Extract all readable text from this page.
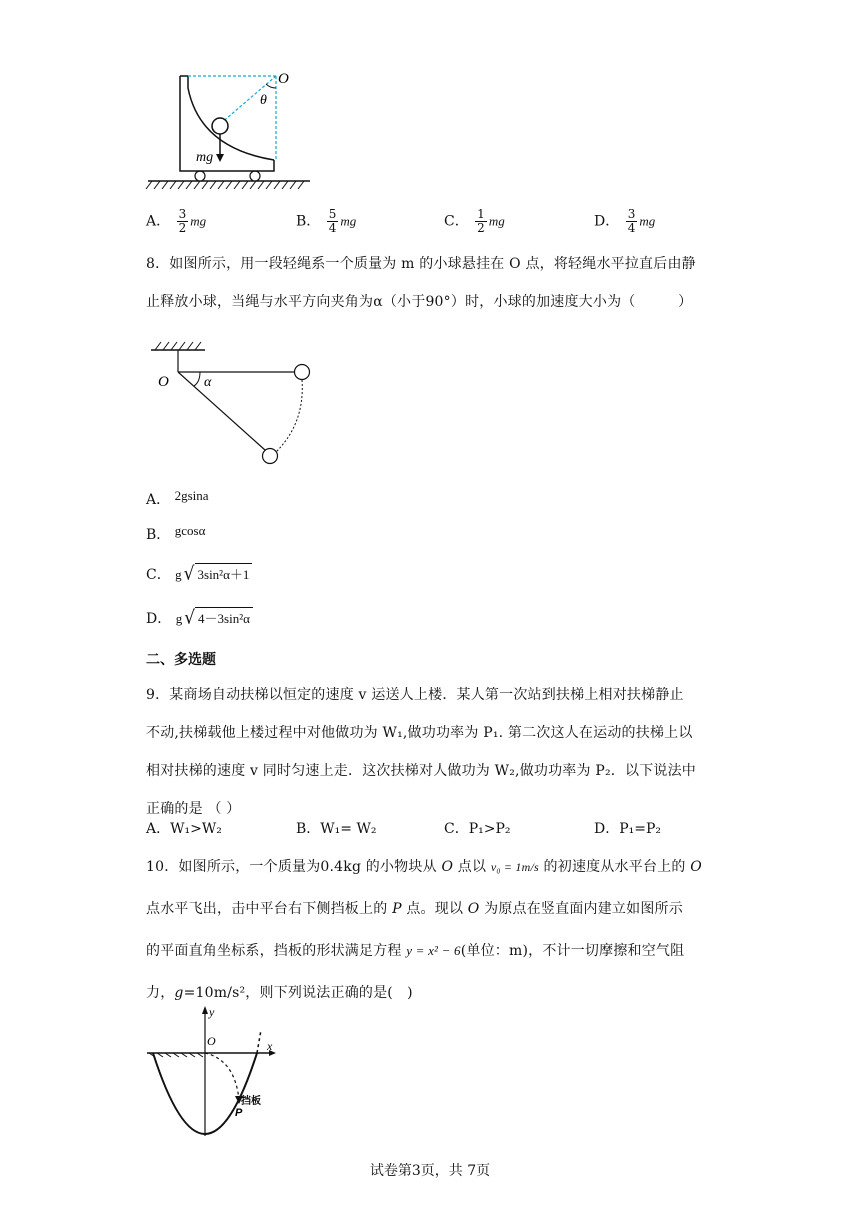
O
θ
mg
A． $\frac{3}{2}$ mg	B． $\frac{5}{4}$ mg	C． $\frac{1}{2}$ mg	D． $\frac{3}{4}$ mg
8．如图所示，用一段轻绳系一个质量为 m 的小球悬挂在 O 点，将轻绳水平拉直后由静
止释放小球，当绳与水平方向夹角为α（小于90°）时，小球的加速度大小为（　　　）
O	α
A． 2gsina
B． gcosα
C． g √ 3sin²α＋1
D． g √ 4－3sin²α
二、多选题
9．某商场自动扶梯以恒定的速度 v 运送人上楼．某人第一次站到扶梯上相对扶梯静止
不动,扶梯载他上楼过程中对他做功为 W₁,做功功率为 P₁. 第二次这人在运动的扶梯上以
相对扶梯的速度 v 同时匀速上走．这次扶梯对人做功为 W₂,做功功率为 P₂．以下说法中
正确的是 （ ）
A．W₁>W₂	B．W₁= W₂	C．P₁>P₂	D．P₁=P₂
10．如图所示，一个质量为0.4kg 的小物块从 O 点以 v₀ = 1m/s 的初速度从水平台上的 O
点水平飞出，击中平台右下侧挡板上的 P 点。现以 O 为原点在竖直面内建立如图所示
的平面直角坐标系，挡板的形状满足方程 y = x² − 6(单位：m)，不计一切摩擦和空气阻
力，g=10m/s²，则下列说法正确的是(　)
y
x
O
P
挡板
试卷第3页，共 7页
